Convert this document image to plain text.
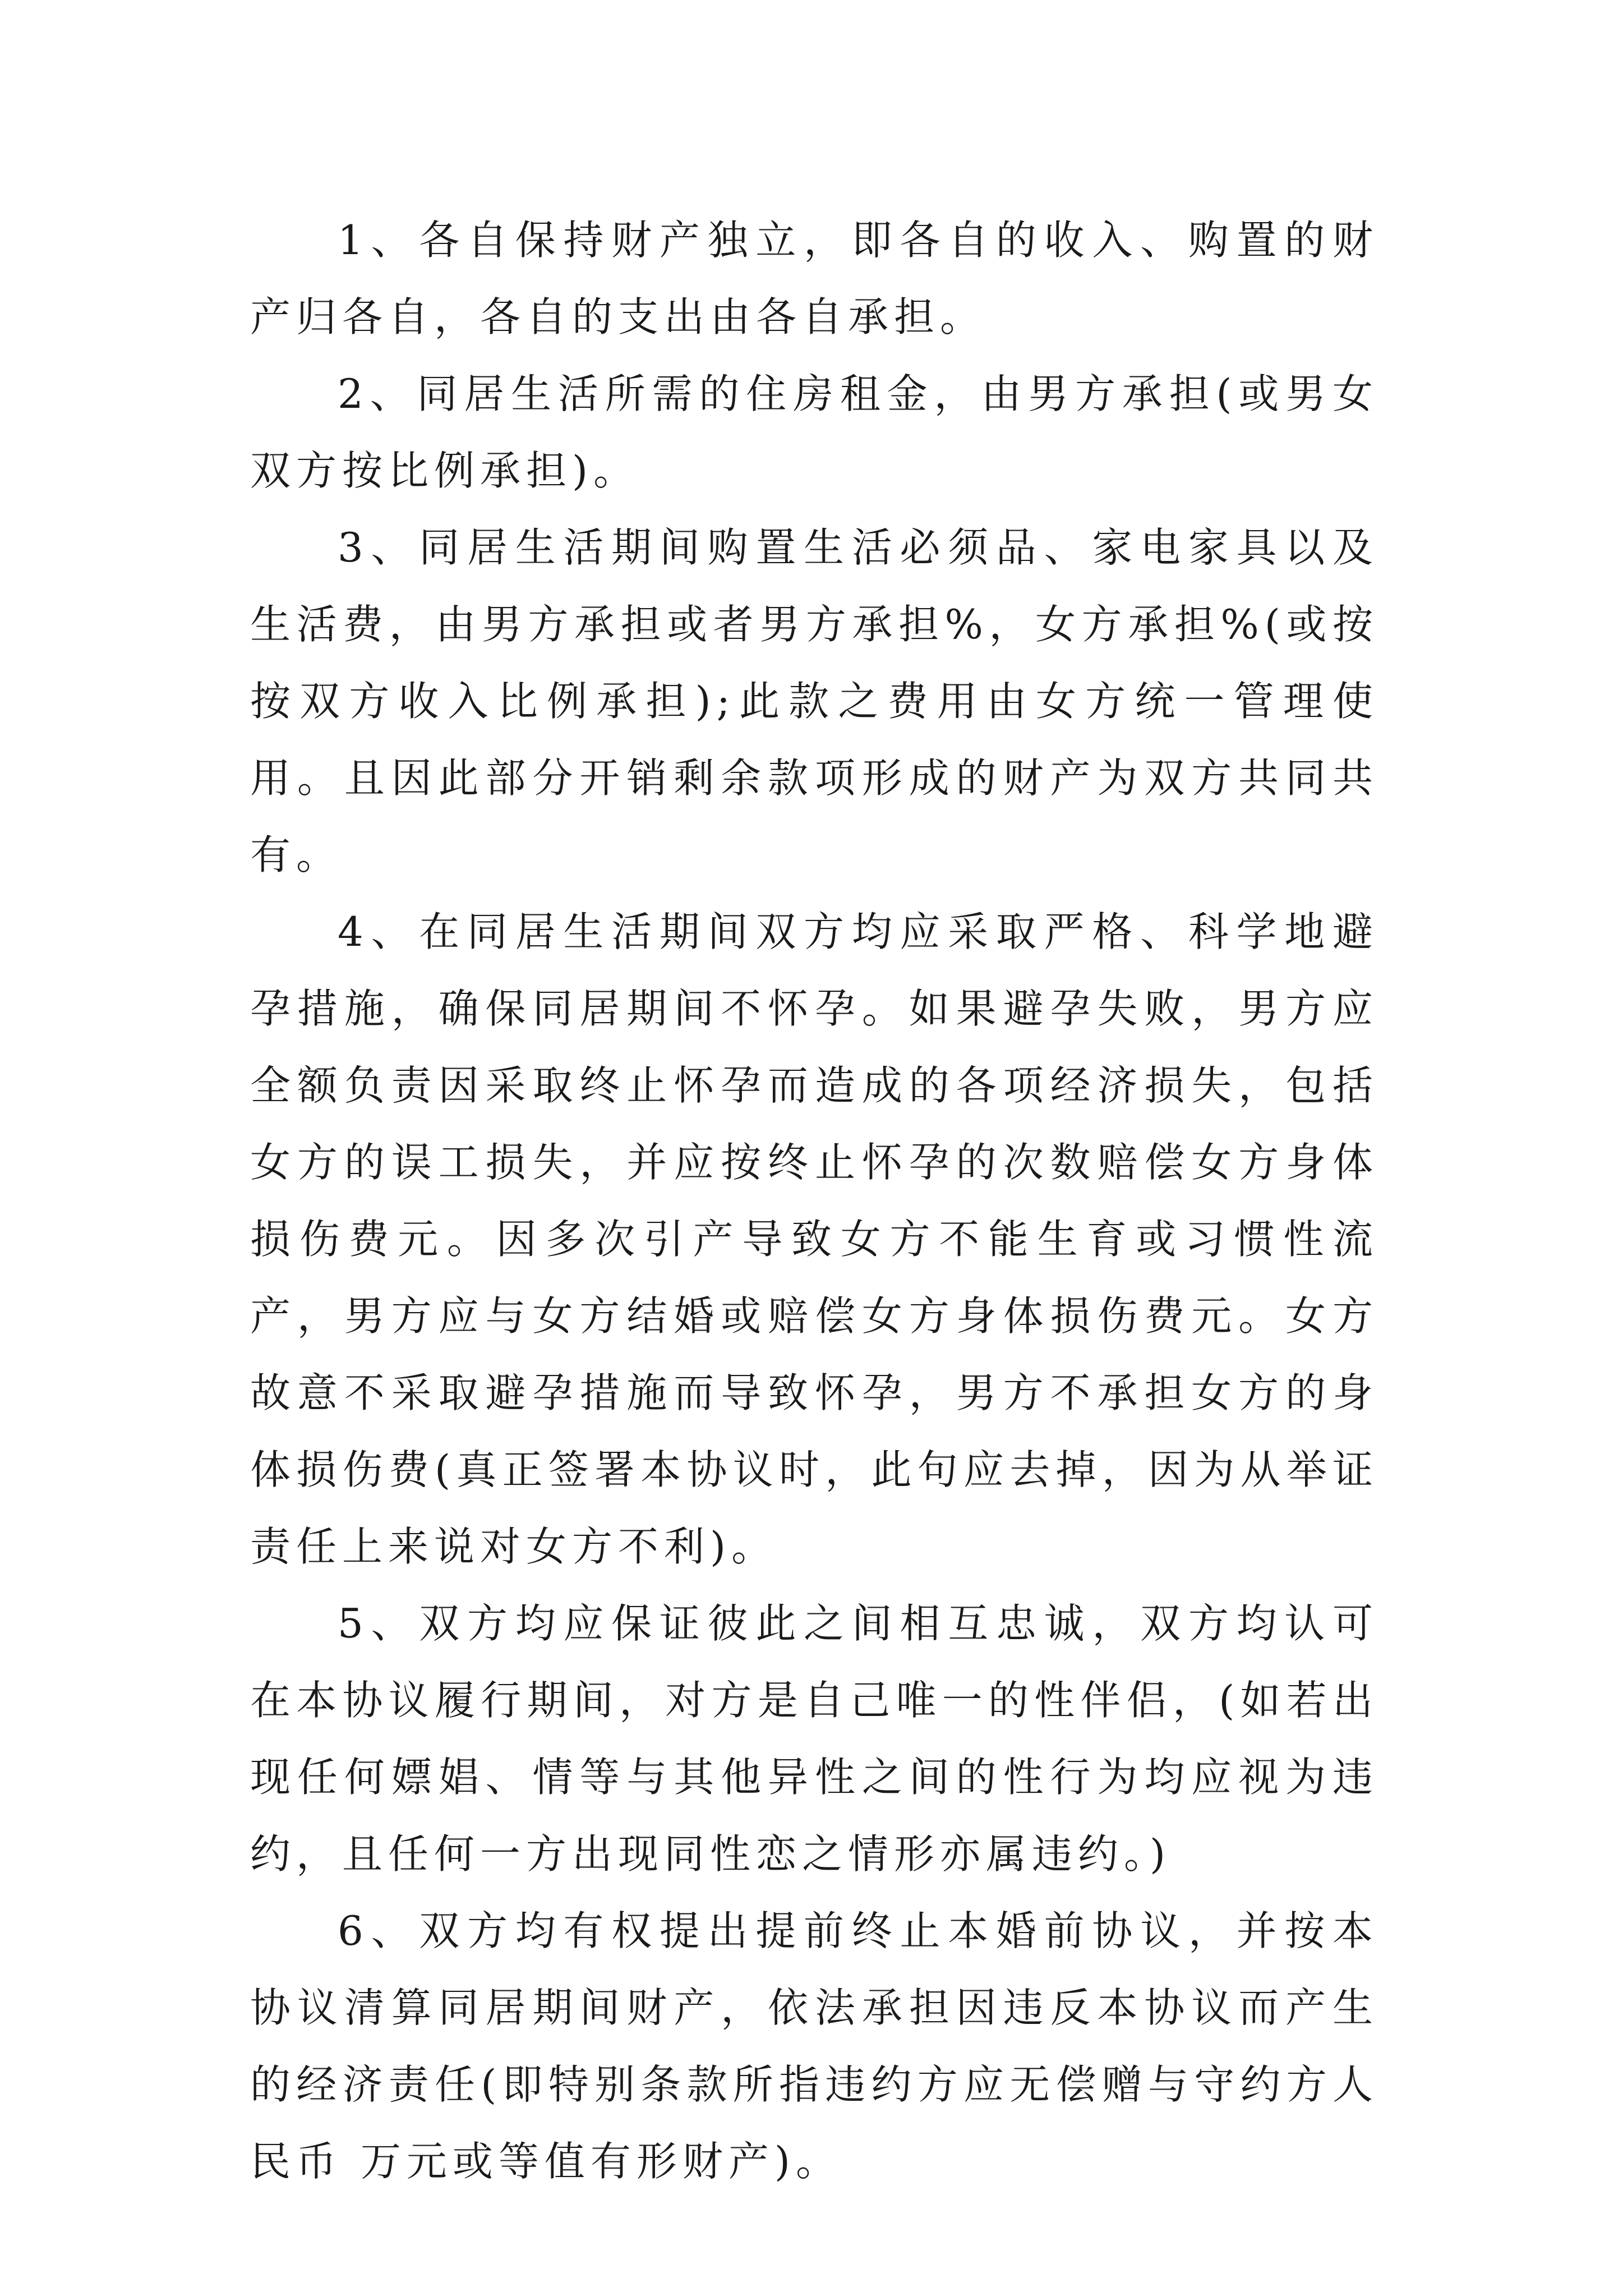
1、各自保持财产独立，即各自的收入、购置的财产归各自，各自的支出由各自承担。

2、同居生活所需的住房租金，由男方承担(或男女双方按比例承担)。

3、同居生活期间购置生活必须品、家电家具以及生活费，由男方承担或者男方承担%，女方承担%(或按按双方收入比例承担);此款之费用由女方统一管理使用。且因此部分开销剩余款项形成的财产为双方共同共有。

4、在同居生活期间双方均应采取严格、科学地避孕措施，确保同居期间不怀孕。如果避孕失败，男方应全额负责因采取终止怀孕而造成的各项经济损失，包括女方的误工损失，并应按终止怀孕的次数赔偿女方身体损伤费元。因多次引产导致女方不能生育或习惯性流产，男方应与女方结婚或赔偿女方身体损伤费元。女方故意不采取避孕措施而导致怀孕，男方不承担女方的身体损伤费(真正签署本协议时，此句应去掉，因为从举证责任上来说对女方不利)。

5、双方均应保证彼此之间相互忠诚，双方均认可在本协议履行期间，对方是自己唯一的性伴侣，(如若出现任何嫖娼、情等与其他异性之间的性行为均应视为违约，且任何一方出现同性恋之情形亦属违约。)

6、双方均有权提出提前终止本婚前协议，并按本协议清算同居期间财产，依法承担因违反本协议而产生的经济责任(即特别条款所指违约方应无偿赠与守约方人民币 万元或等值有形财产)。
